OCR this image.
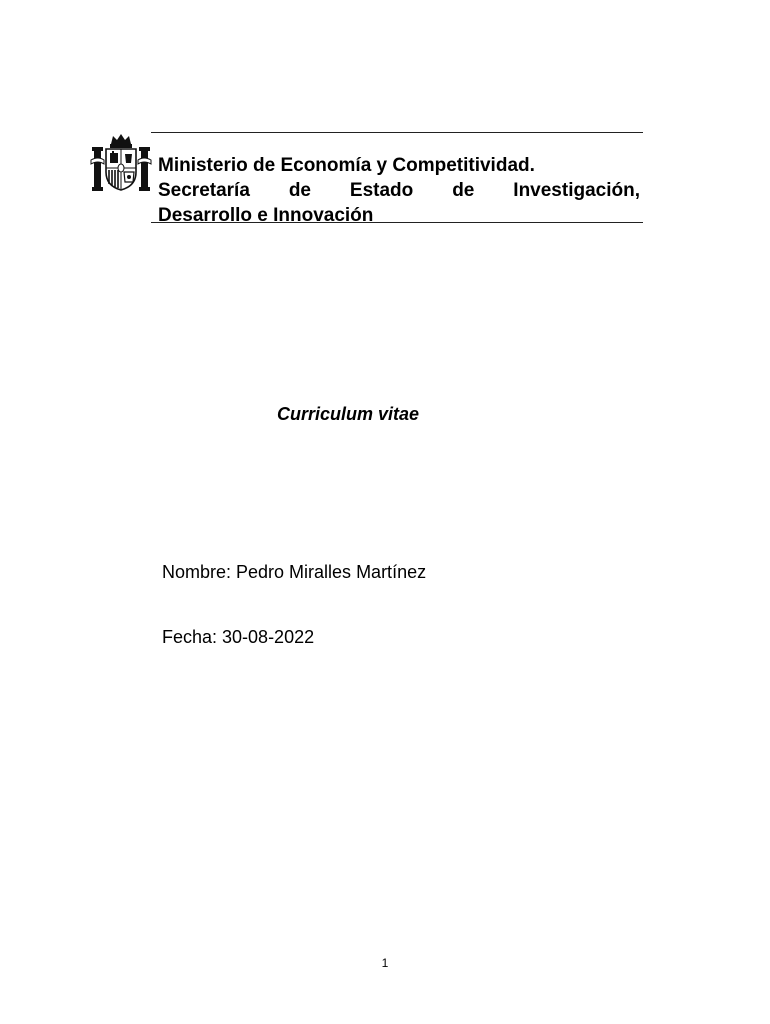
Ministerio de Economía y Competitividad.
Secretaría de Estado de Investigación,
Desarrollo e Innovación
Curriculum vitae
Nombre: Pedro Miralles Martínez
Fecha: 30-08-2022
1
